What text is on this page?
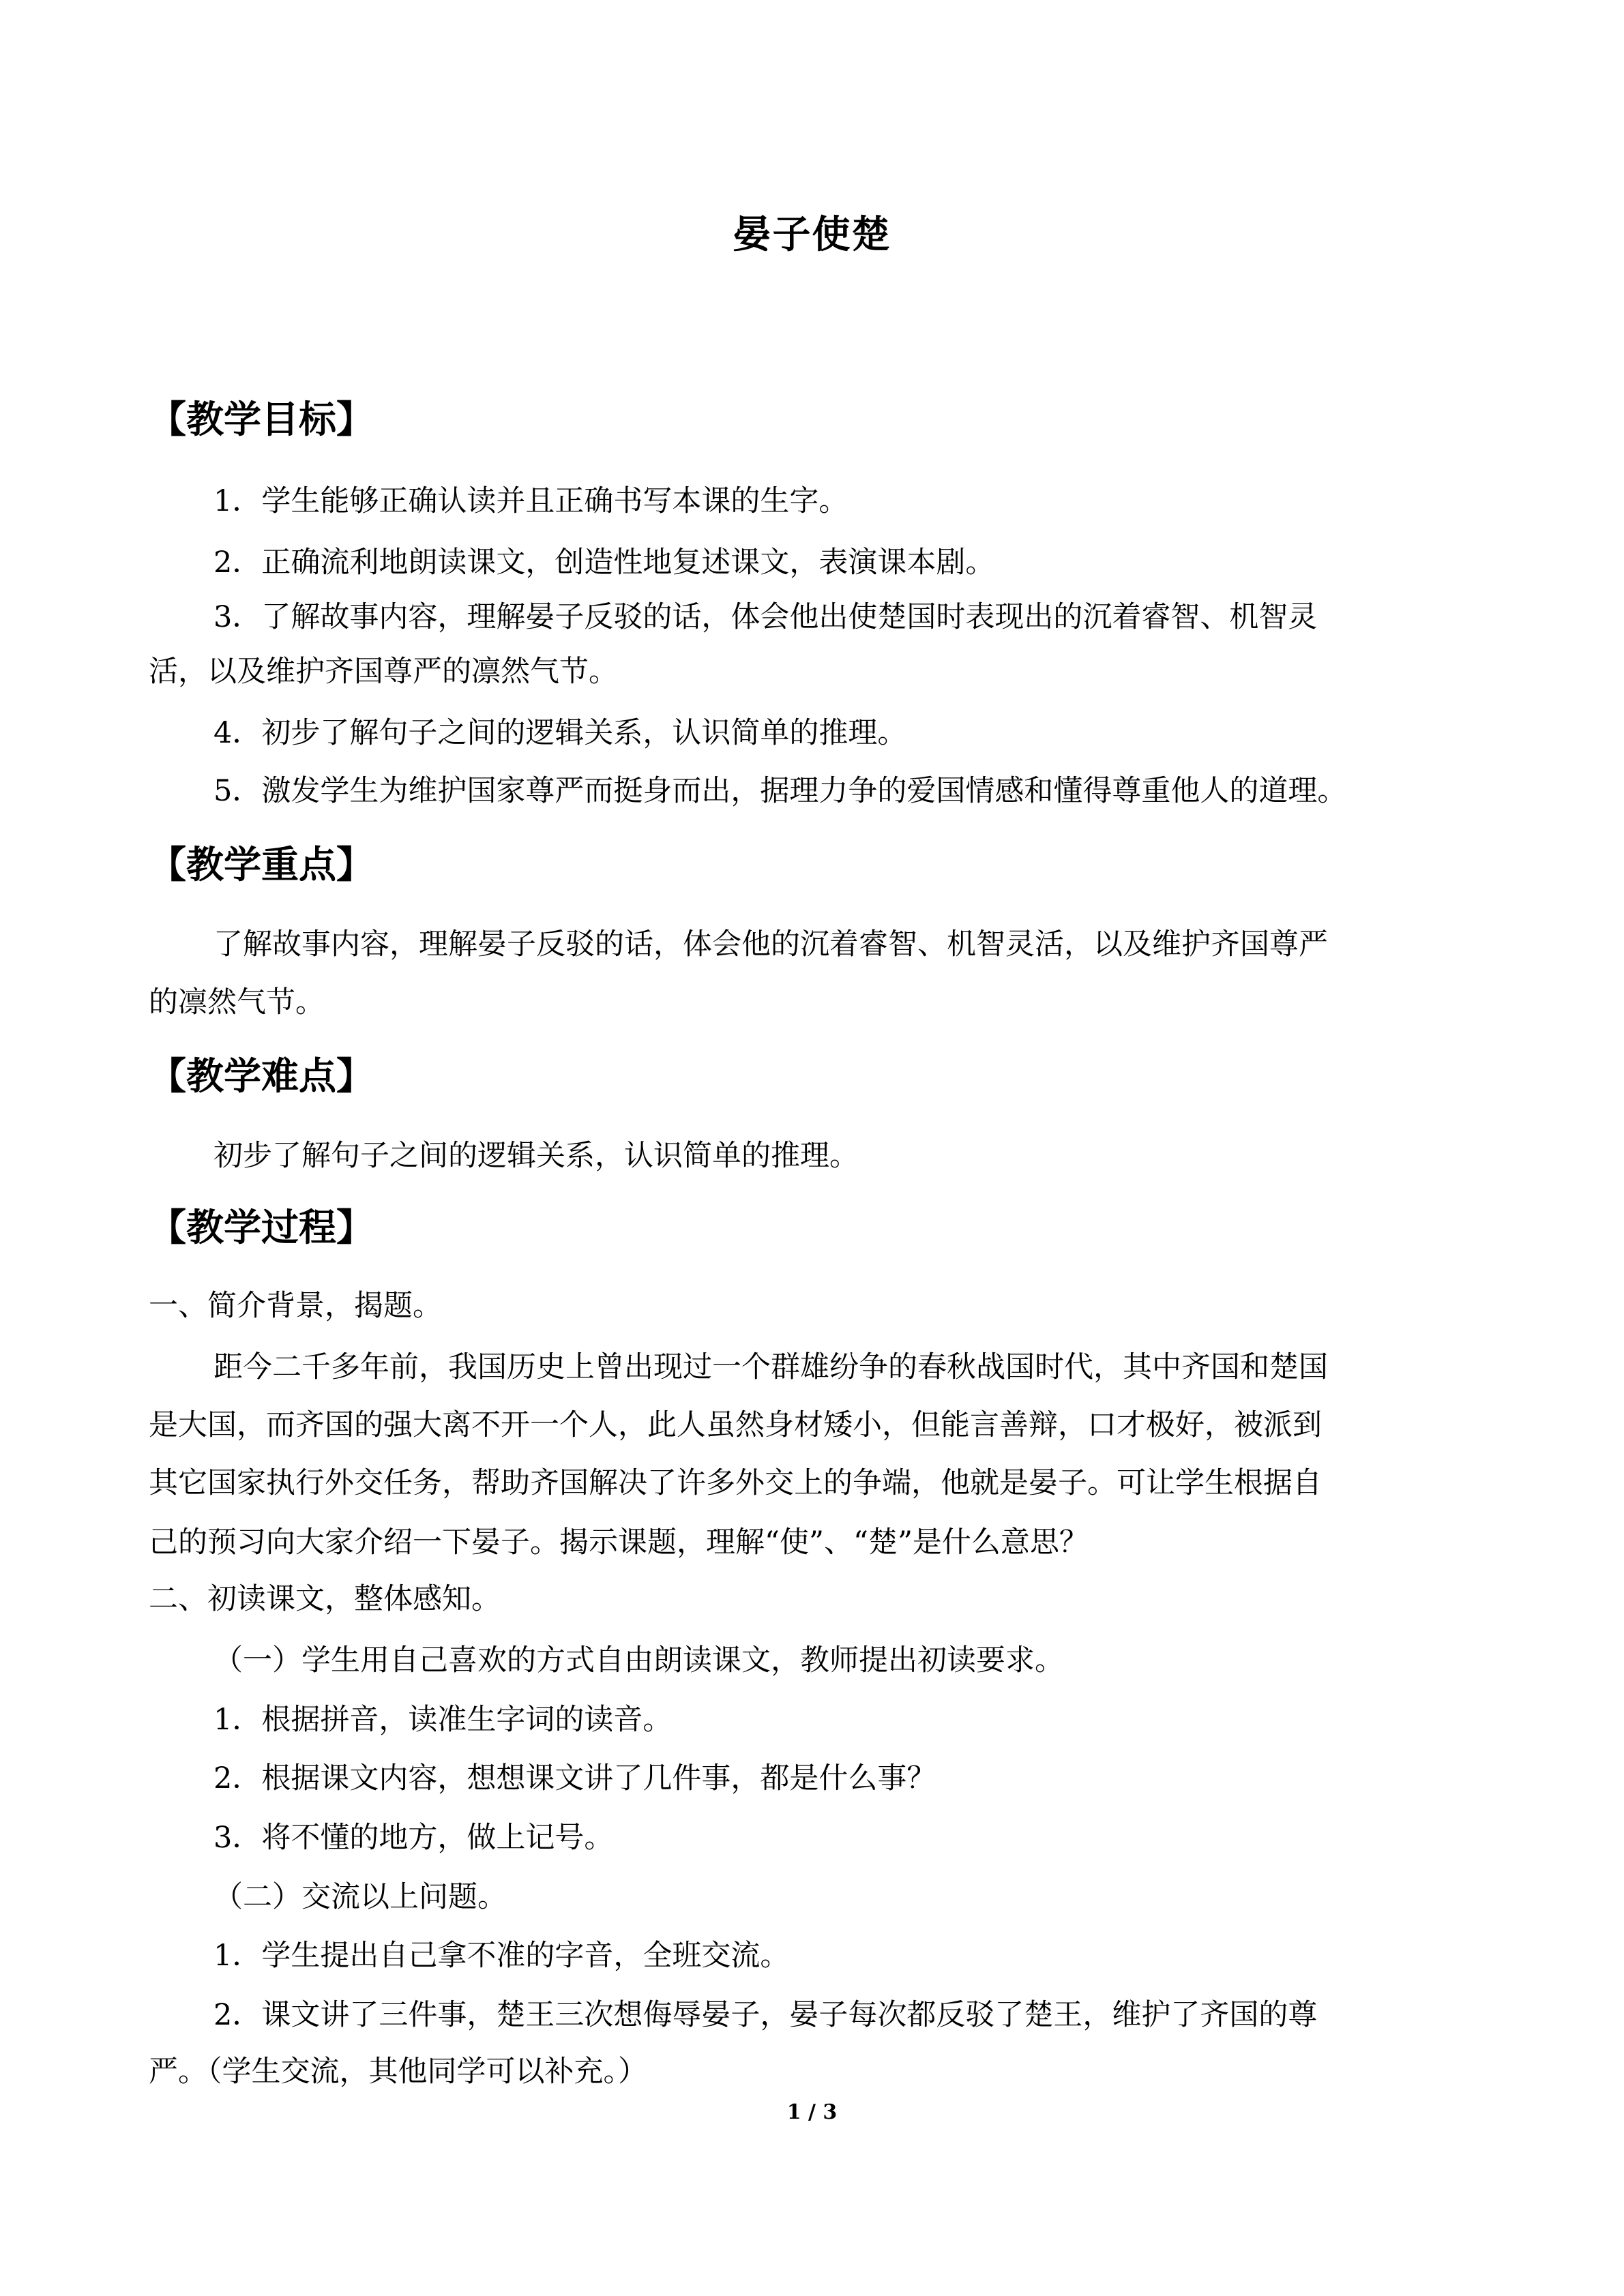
晏子使楚
【教学目标】
1．学生能够正确认读并且正确书写本课的生字。
2．正确流利地朗读课文，创造性地复述课文，表演课本剧。
3．了解故事内容，理解晏子反驳的话，体会他出使楚国时表现出的沉着睿智、机智灵
活，以及维护齐国尊严的凛然气节。
4．初步了解句子之间的逻辑关系，认识简单的推理。
5．激发学生为维护国家尊严而挺身而出，据理力争的爱国情感和懂得尊重他人的道理。
【教学重点】
了解故事内容，理解晏子反驳的话，体会他的沉着睿智、机智灵活，以及维护齐国尊严
的凛然气节。
【教学难点】
初步了解句子之间的逻辑关系，认识简单的推理。
【教学过程】
一、简介背景，揭题。
距今二千多年前，我国历史上曾出现过一个群雄纷争的春秋战国时代，其中齐国和楚国
是大国，而齐国的强大离不开一个人，此人虽然身材矮小，但能言善辩，口才极好，被派到
其它国家执行外交任务，帮助齐国解决了许多外交上的争端，他就是晏子。可让学生根据自
己的预习向大家介绍一下晏子。揭示课题，理解“使”、“楚”是什么意思？
二、初读课文，整体感知。
（一）学生用自己喜欢的方式自由朗读课文，教师提出初读要求。
1．根据拼音，读准生字词的读音。
2．根据课文内容，想想课文讲了几件事，都是什么事？
3．将不懂的地方，做上记号。
（二）交流以上问题。
1．学生提出自己拿不准的字音，全班交流。
2．课文讲了三件事，楚王三次想侮辱晏子，晏子每次都反驳了楚王，维护了齐国的尊
严。（学生交流，其他同学可以补充。）
1 / 3
